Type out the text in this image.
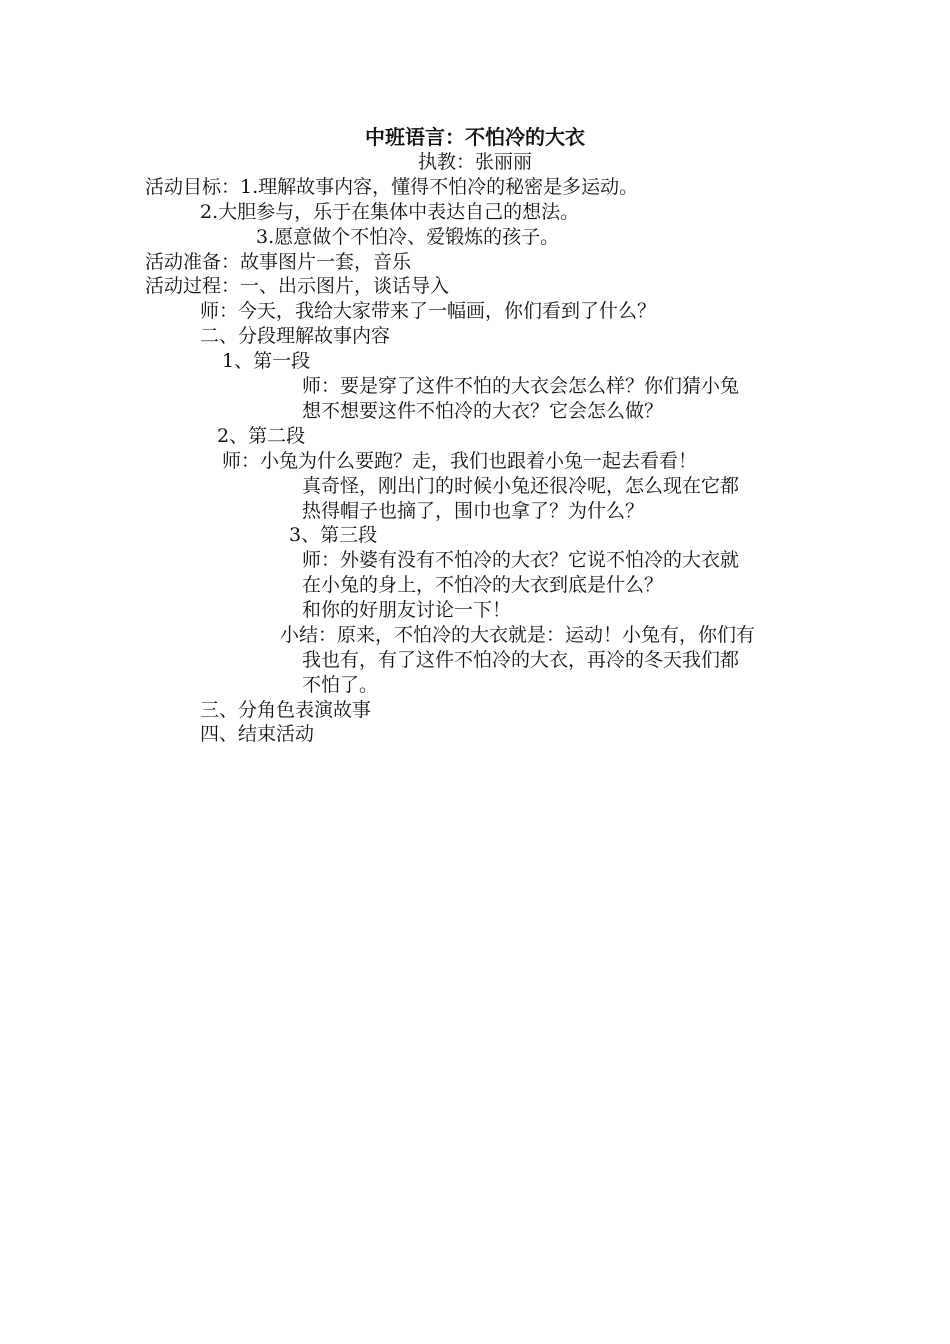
中班语言：不怕冷的大衣
执教：张丽丽
活动目标：1.理解故事内容，懂得不怕冷的秘密是多运动。
2.大胆参与，乐于在集体中表达自己的想法。
3.愿意做个不怕冷、爱锻炼的孩子。
活动准备：故事图片一套，音乐
活动过程：一、出示图片，谈话导入
师：今天，我给大家带来了一幅画，你们看到了什么？
二、分段理解故事内容
1、第一段
师：要是穿了这件不怕的大衣会怎么样？你们猜小兔
想不想要这件不怕冷的大衣？它会怎么做？
2、第二段
师：小兔为什么要跑？走，我们也跟着小兔一起去看看！
真奇怪，刚出门的时候小兔还很冷呢，怎么现在它都
热得帽子也摘了，围巾也拿了？为什么？
3、第三段
师：外婆有没有不怕冷的大衣？它说不怕冷的大衣就
在小兔的身上，不怕冷的大衣到底是什么？
和你的好朋友讨论一下！
小结：原来，不怕冷的大衣就是：运动！小兔有，你们有
我也有，有了这件不怕冷的大衣，再冷的冬天我们都
不怕了。
三、分角色表演故事
四、结束活动
